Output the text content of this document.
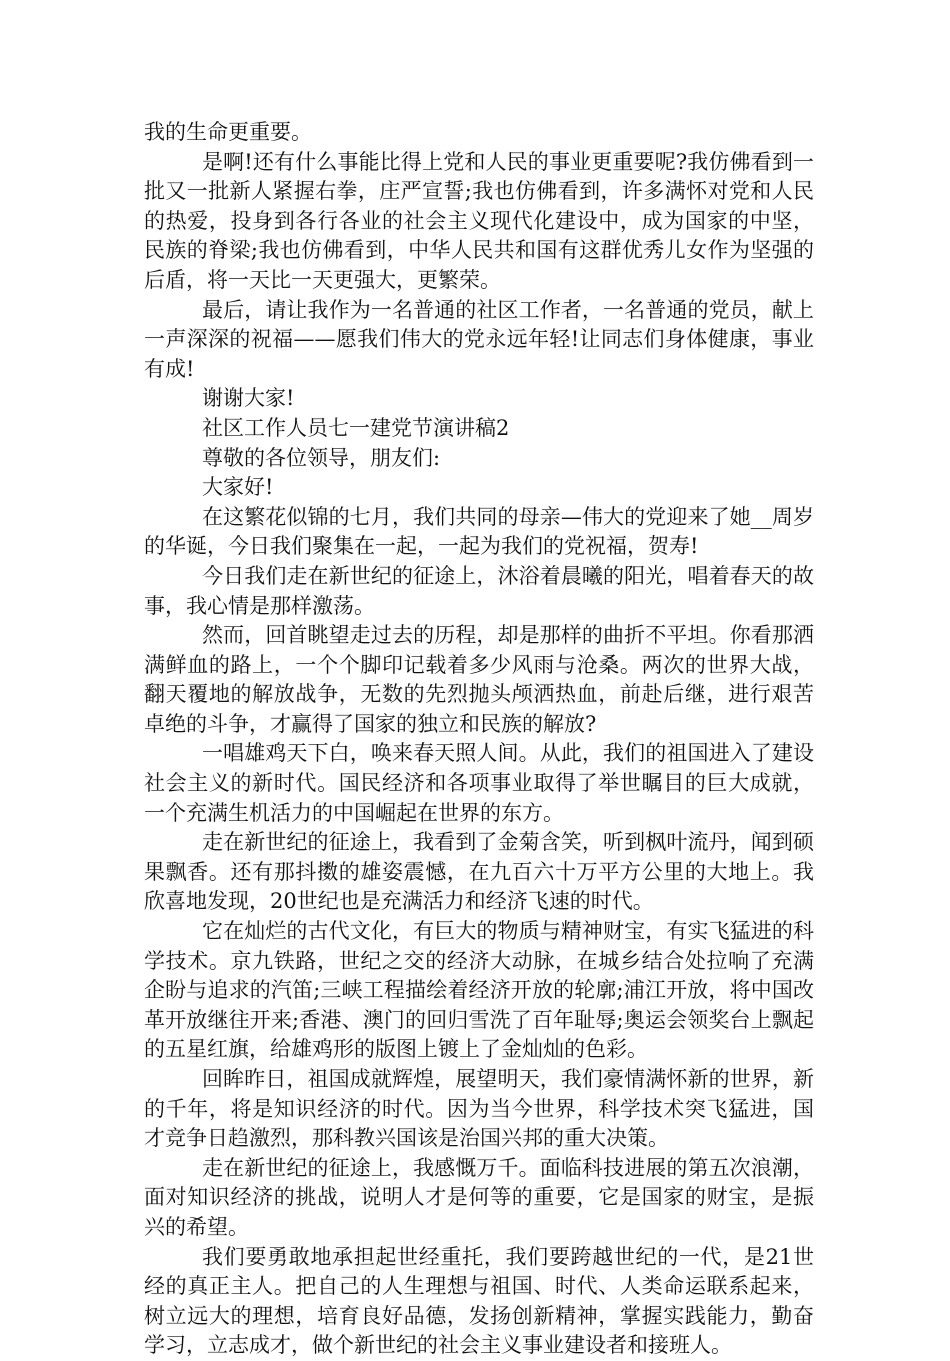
我的生命更重要。

是啊!还有什么事能比得上党和人民的事业更重要呢?我仿佛看到一批又一批新人紧握右拳，庄严宣誓;我也仿佛看到，许多满怀对党和人民的热爱，投身到各行各业的社会主义现代化建设中，成为国家的中坚，民族的脊梁;我也仿佛看到，中华人民共和国有这群优秀儿女作为坚强的后盾，将一天比一天更强大，更繁荣。

最后，请让我作为一名普通的社区工作者，一名普通的党员，献上一声深深的祝福——愿我们伟大的党永远年轻!让同志们身体健康，事业有成!

谢谢大家!

社区工作人员七一建党节演讲稿2

尊敬的各位领导，朋友们:

大家好!

在这繁花似锦的七月，我们共同的母亲—伟大的党迎来了她__周岁的华诞，今日我们聚集在一起，一起为我们的党祝福，贺寿!

今日我们走在新世纪的征途上，沐浴着晨曦的阳光，唱着春天的故事，我心情是那样激荡。

然而，回首眺望走过去的历程，却是那样的曲折不平坦。你看那洒满鲜血的路上，一个个脚印记载着多少风雨与沧桑。两次的世界大战，翻天覆地的解放战争，无数的先烈抛头颅洒热血，前赴后继，进行艰苦卓绝的斗争，才赢得了国家的独立和民族的解放?

一唱雄鸡天下白，唤来春天照人间。从此，我们的祖国进入了建设社会主义的新时代。国民经济和各项事业取得了举世瞩目的巨大成就，一个充满生机活力的中国崛起在世界的东方。

走在新世纪的征途上，我看到了金菊含笑，听到枫叶流丹，闻到硕果飘香。还有那抖擞的雄姿震憾，在九百六十万平方公里的大地上。我欣喜地发现，20世纪也是充满活力和经济飞速的时代。

它在灿烂的古代文化，有巨大的物质与精神财宝，有实飞猛进的科学技术。京九铁路，世纪之交的经济大动脉，在城乡结合处拉响了充满企盼与追求的汽笛;三峡工程描绘着经济开放的轮廓;浦江开放，将中国改革开放继往开来;香港、澳门的回归雪洗了百年耻辱;奥运会领奖台上飘起的五星红旗，给雄鸡形的版图上镀上了金灿灿的色彩。

回眸昨日，祖国成就辉煌，展望明天，我们豪情满怀新的世界，新的千年，将是知识经济的时代。因为当今世界，科学技术突飞猛进，国才竞争日趋激烈，那科教兴国该是治国兴邦的重大决策。

走在新世纪的征途上，我感慨万千。面临科技进展的第五次浪潮，面对知识经济的挑战，说明人才是何等的重要，它是国家的财宝，是振兴的希望。

我们要勇敢地承担起世经重托，我们要跨越世纪的一代，是21世经的真正主人。把自己的人生理想与祖国、时代、人类命运联系起来，树立远大的理想，培育良好品德，发扬创新精神，掌握实践能力，勤奋学习，立志成才，做个新世纪的社会主义事业建设者和接班人。
